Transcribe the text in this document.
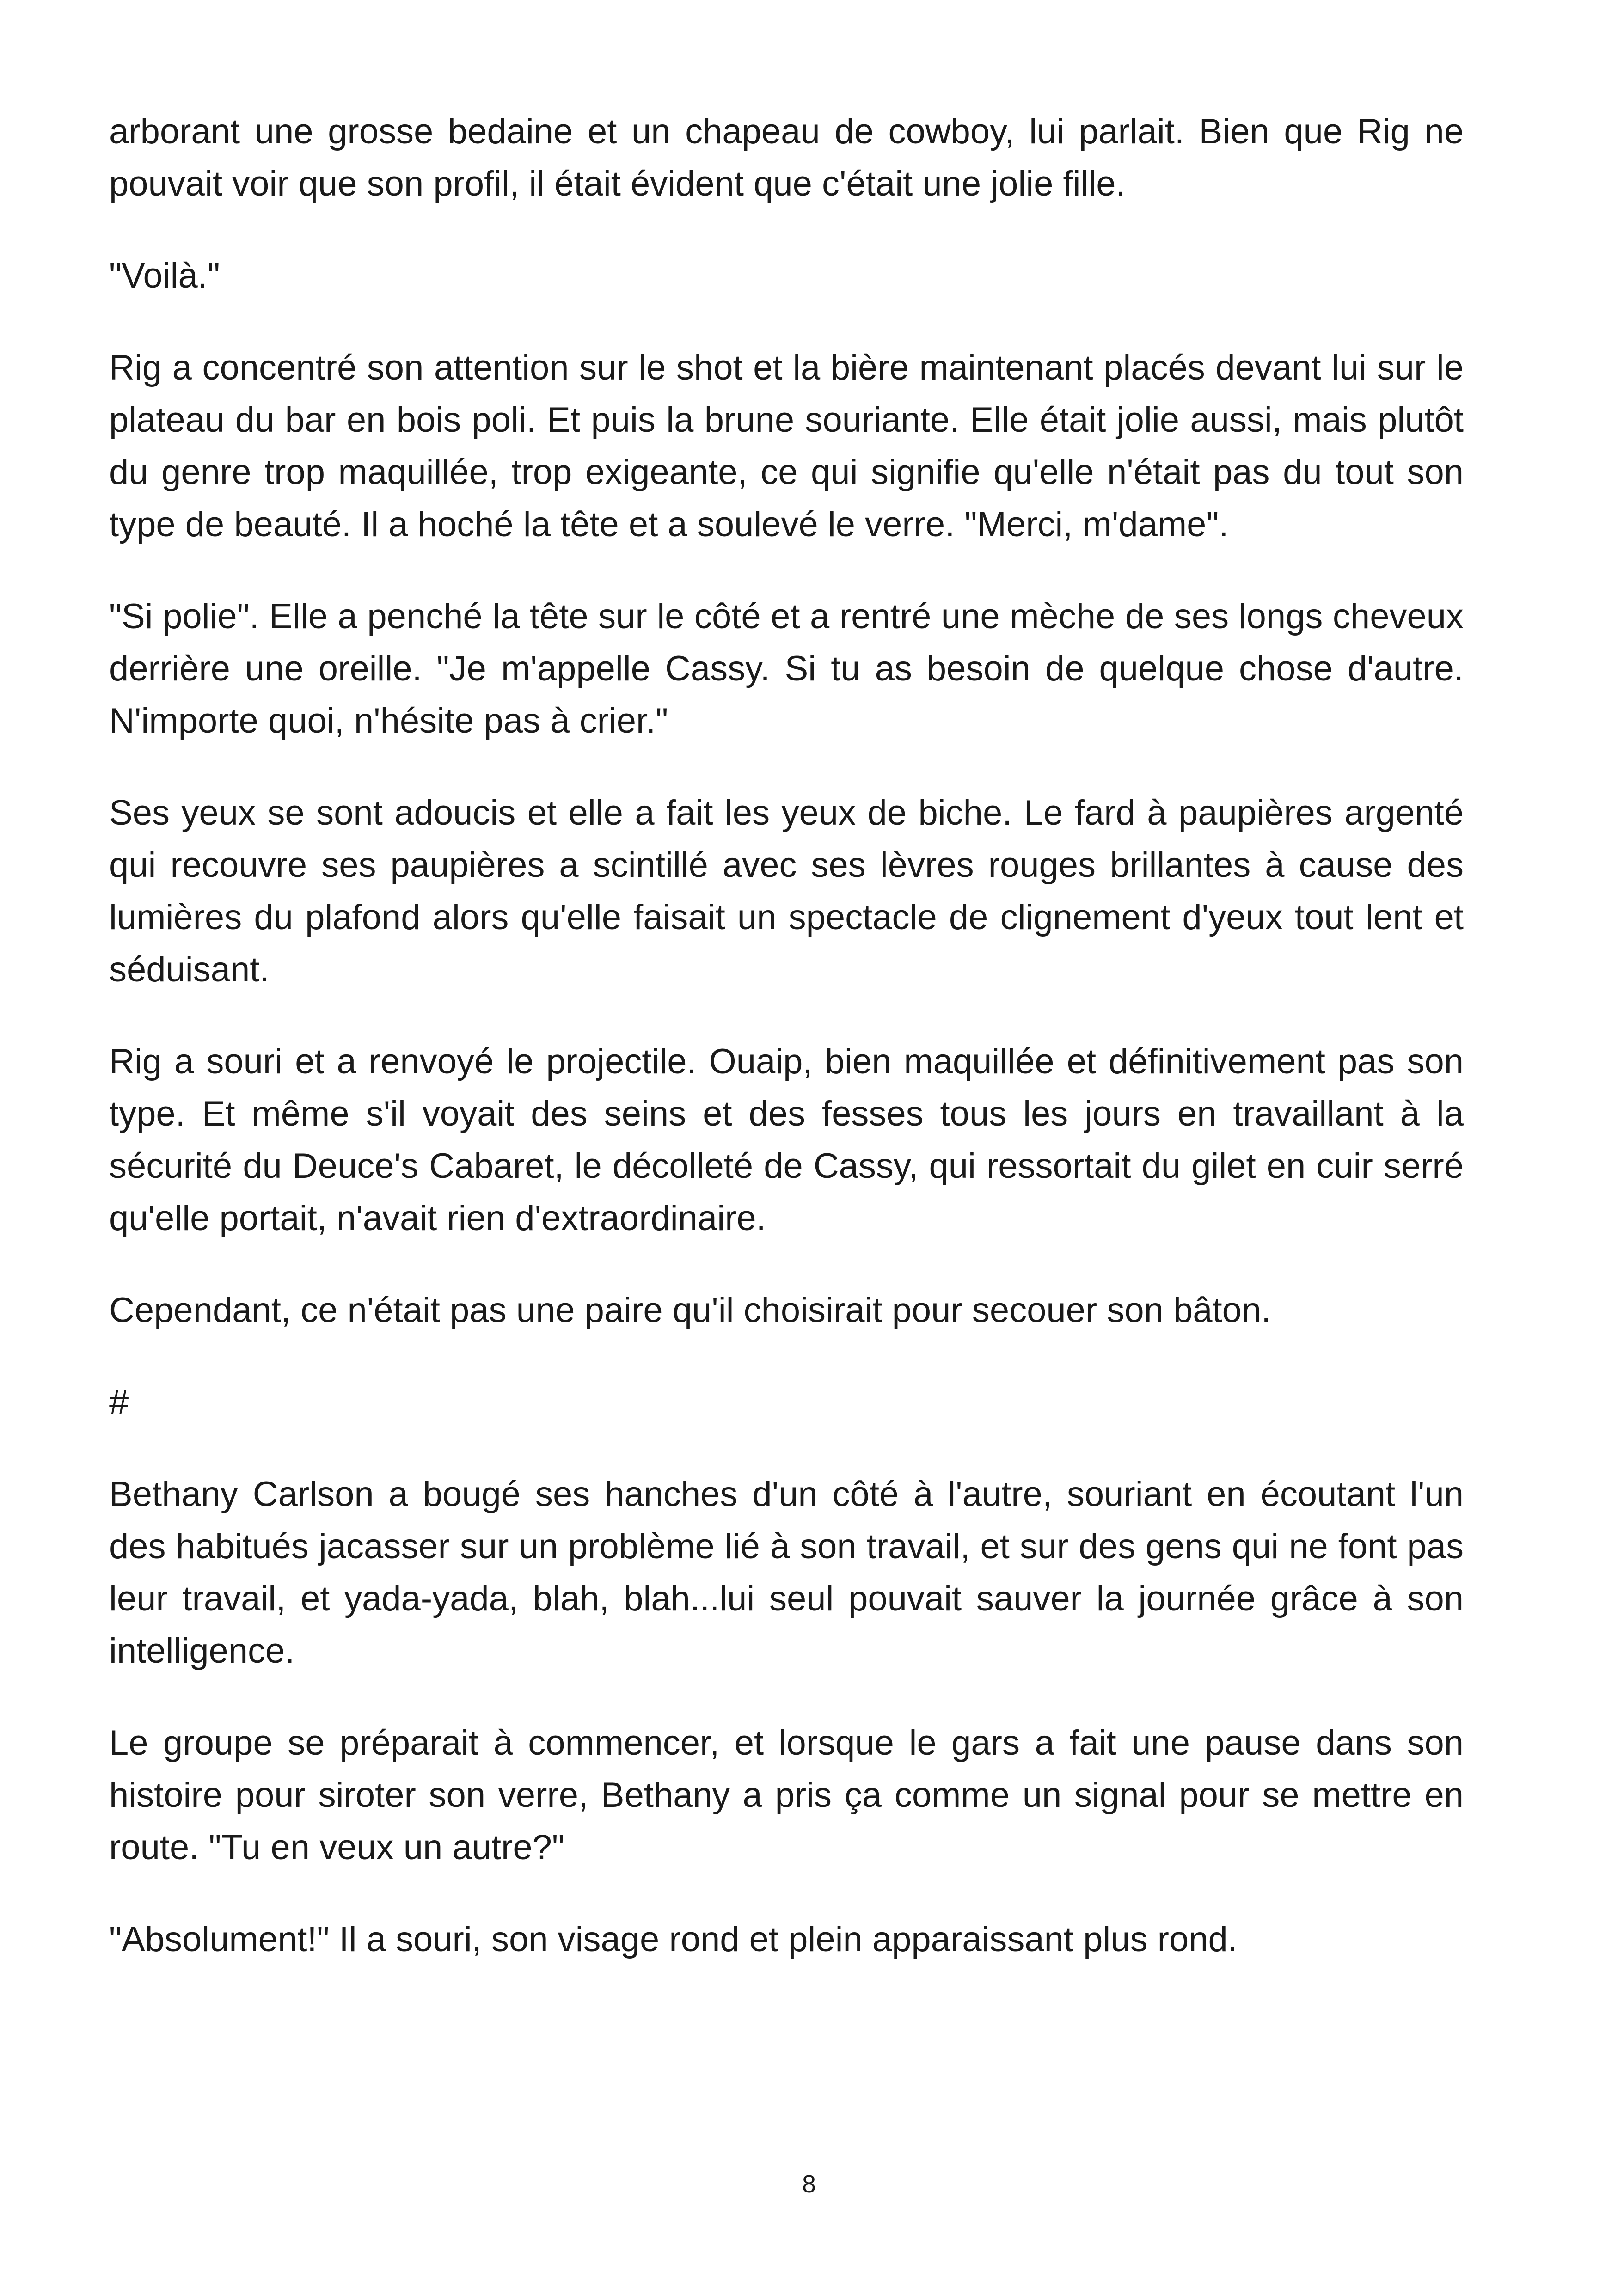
arborant une grosse bedaine et un chapeau de cowboy, lui parlait. Bien que Rig ne pouvait voir que son profil, il était évident que c'était une jolie fille.

"Voilà."

Rig a concentré son attention sur le shot et la bière maintenant placés devant lui sur le plateau du bar en bois poli. Et puis la brune souriante. Elle était jolie aussi, mais plutôt du genre trop maquillée, trop exigeante, ce qui signifie qu'elle n'était pas du tout son type de beauté. Il a hoché la tête et a soulevé le verre. "Merci, m'dame".

"Si polie". Elle a penché la tête sur le côté et a rentré une mèche de ses longs cheveux derrière une oreille. "Je m'appelle Cassy. Si tu as besoin de quelque chose d'autre. N'importe quoi, n'hésite pas à crier."

Ses yeux se sont adoucis et elle a fait les yeux de biche. Le fard à paupières argenté qui recouvre ses paupières a scintillé avec ses lèvres rouges brillantes à cause des lumières du plafond alors qu'elle faisait un spectacle de clignement d'yeux tout lent et séduisant.

Rig a souri et a renvoyé le projectile. Ouaip, bien maquillée et définitivement pas son type. Et même s'il voyait des seins et des fesses tous les jours en travaillant à la sécurité du Deuce's Cabaret, le décolleté de Cassy, qui ressortait du gilet en cuir serré qu'elle portait, n'avait rien d'extraordinaire.

Cependant, ce n'était pas une paire qu'il choisirait pour secouer son bâton.

#

Bethany Carlson a bougé ses hanches d'un côté à l'autre, souriant en écoutant l'un des habitués jacasser sur un problème lié à son travail, et sur des gens qui ne font pas leur travail, et yada-yada, blah, blah...lui seul pouvait sauver la journée grâce à son intelligence.

Le groupe se préparait à commencer, et lorsque le gars a fait une pause dans son histoire pour siroter son verre, Bethany a pris ça comme un signal pour se mettre en route. "Tu en veux un autre?"

"Absolument!" Il a souri, son visage rond et plein apparaissant plus rond.

8
